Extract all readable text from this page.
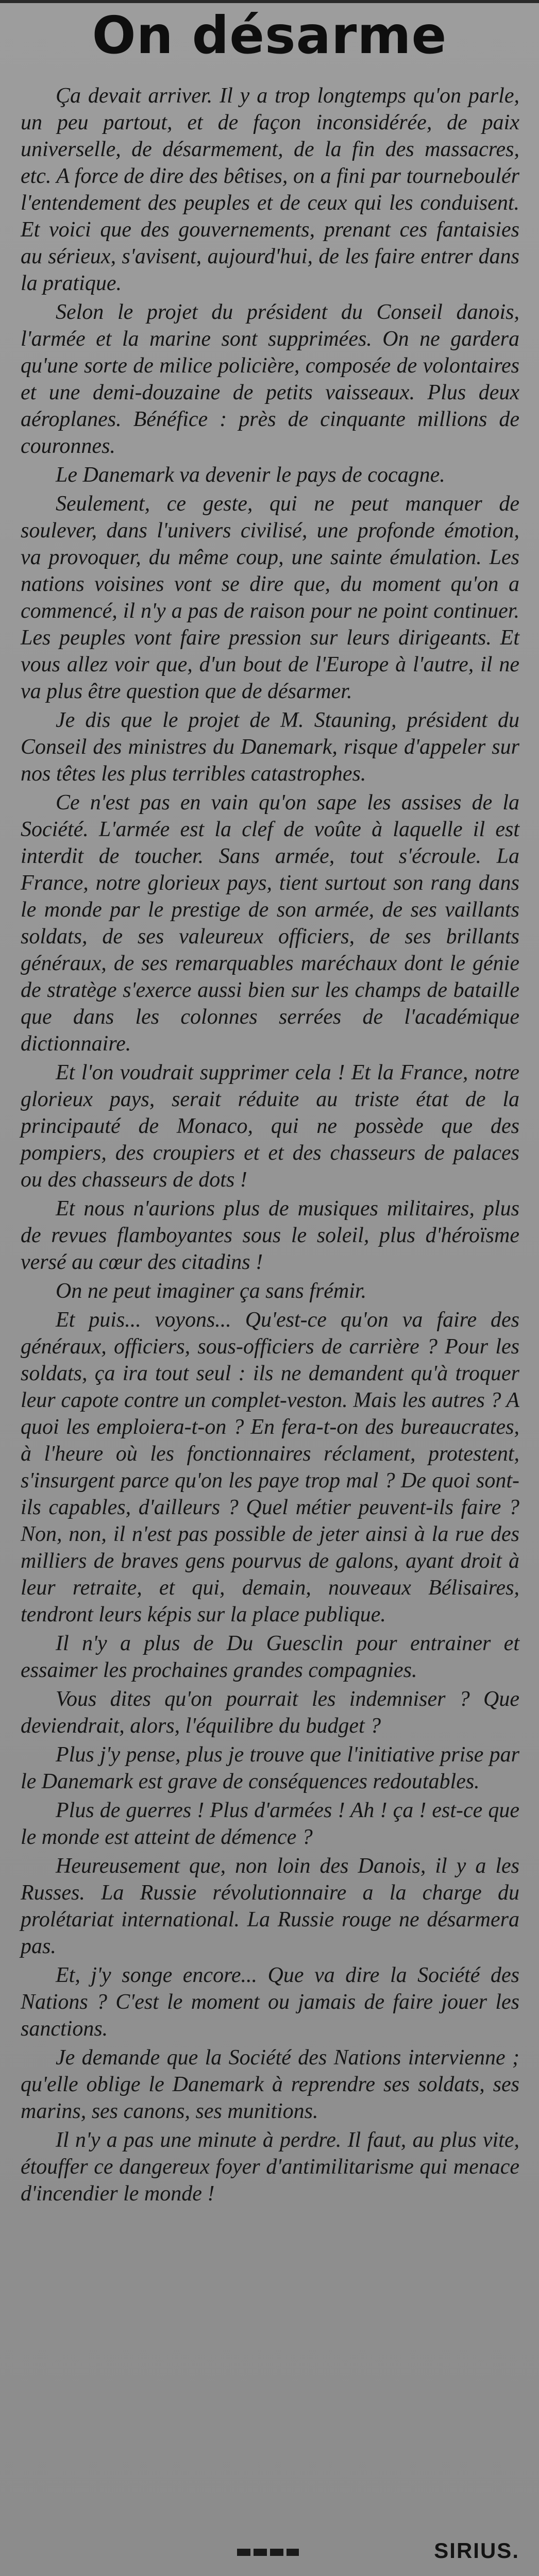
On désarme

Ça devait arriver. Il y a trop longtemps qu'on parle, un peu partout, et de façon inconsidérée, de paix universelle, de désarmement, de la fin des massacres, etc. A force de dire des bêtises, on a fini par tourneboulér l'entendement des peuples et de ceux qui les conduisent. Et voici que des gouvernements, prenant ces fantaisies au sérieux, s'avisent, aujourd'hui, de les faire entrer dans la pratique.

Selon le projet du président du Conseil danois, l'armée et la marine sont supprimées. On ne gardera qu'une sorte de milice policière, composée de volontaires et une demi-douzaine de petits vaisseaux. Plus deux aéroplanes. Bénéfice : près de cinquante millions de couronnes.

Le Danemark va devenir le pays de cocagne.

Seulement, ce geste, qui ne peut manquer de soulever, dans l'univers civilisé, une profonde émotion, va provoquer, du même coup, une sainte émulation. Les nations voisines vont se dire que, du moment qu'on a commencé, il n'y a pas de raison pour ne point continuer. Les peuples vont faire pression sur leurs dirigeants. Et vous allez voir que, d'un bout de l'Europe à l'autre, il ne va plus être question que de désarmer.

Je dis que le projet de M. Stauning, président du Conseil des ministres du Danemark, risque d'appeler sur nos têtes les plus terribles catastrophes.

Ce n'est pas en vain qu'on sape les assises de la Société. L'armée est la clef de voûte à laquelle il est interdit de toucher. Sans armée, tout s'écroule. La France, notre glorieux pays, tient surtout son rang dans le monde par le prestige de son armée, de ses vaillants soldats, de ses valeureux officiers, de ses brillants généraux, de ses remarquables maréchaux dont le génie de stratège s'exerce aussi bien sur les champs de bataille que dans les colonnes serrées de l'académique dictionnaire.

Et l'on voudrait supprimer cela ! Et la France, notre glorieux pays, serait réduite au triste état de la principauté de Monaco, qui ne possède que des pompiers, des croupiers et et des chasseurs de palaces ou des chasseurs de dots !

Et nous n'aurions plus de musiques militaires, plus de revues flamboyantes sous le soleil, plus d'héroïsme versé au cœur des citadins !

On ne peut imaginer ça sans frémir.

Et puis... voyons... Qu'est-ce qu'on va faire des généraux, officiers, sous-officiers de carrière ? Pour les soldats, ça ira tout seul : ils ne demandent qu'à troquer leur capote contre un complet-veston. Mais les autres ? A quoi les emploiera-t-on ? En fera-t-on des bureaucrates, à l'heure où les fonctionnaires réclament, protestent, s'insurgent parce qu'on les paye trop mal ? De quoi sont-ils capables, d'ailleurs ? Quel métier peuvent-ils faire ? Non, non, il n'est pas possible de jeter ainsi à la rue des milliers de braves gens pourvus de galons, ayant droit à leur retraite, et qui, demain, nouveaux Bélisaires, tendront leurs képis sur la place publique.

Il n'y a plus de Du Guesclin pour entrainer et essaimer les prochaines grandes compagnies.

Vous dites qu'on pourrait les indemniser ? Que deviendrait, alors, l'équilibre du budget ?

Plus j'y pense, plus je trouve que l'initiative prise par le Danemark est grave de conséquences redoutables.

Plus de guerres ! Plus d'armées ! Ah ! ça ! est-ce que le monde est atteint de démence ?

Heureusement que, non loin des Danois, il y a les Russes. La Russie révolutionnaire a la charge du prolétariat international. La Russie rouge ne désarmera pas.

Et, j'y songe encore... Que va dire la Société des Nations ? C'est le moment ou jamais de faire jouer les sanctions.

Je demande que la Société des Nations intervienne ; qu'elle oblige le Danemark à reprendre ses soldats, ses marins, ses canons, ses munitions.

Il n'y a pas une minute à perdre. Il faut, au plus vite, étouffer ce dangereux foyer d'antimilitarisme qui menace d'incendier le monde !

SIRIUS.
